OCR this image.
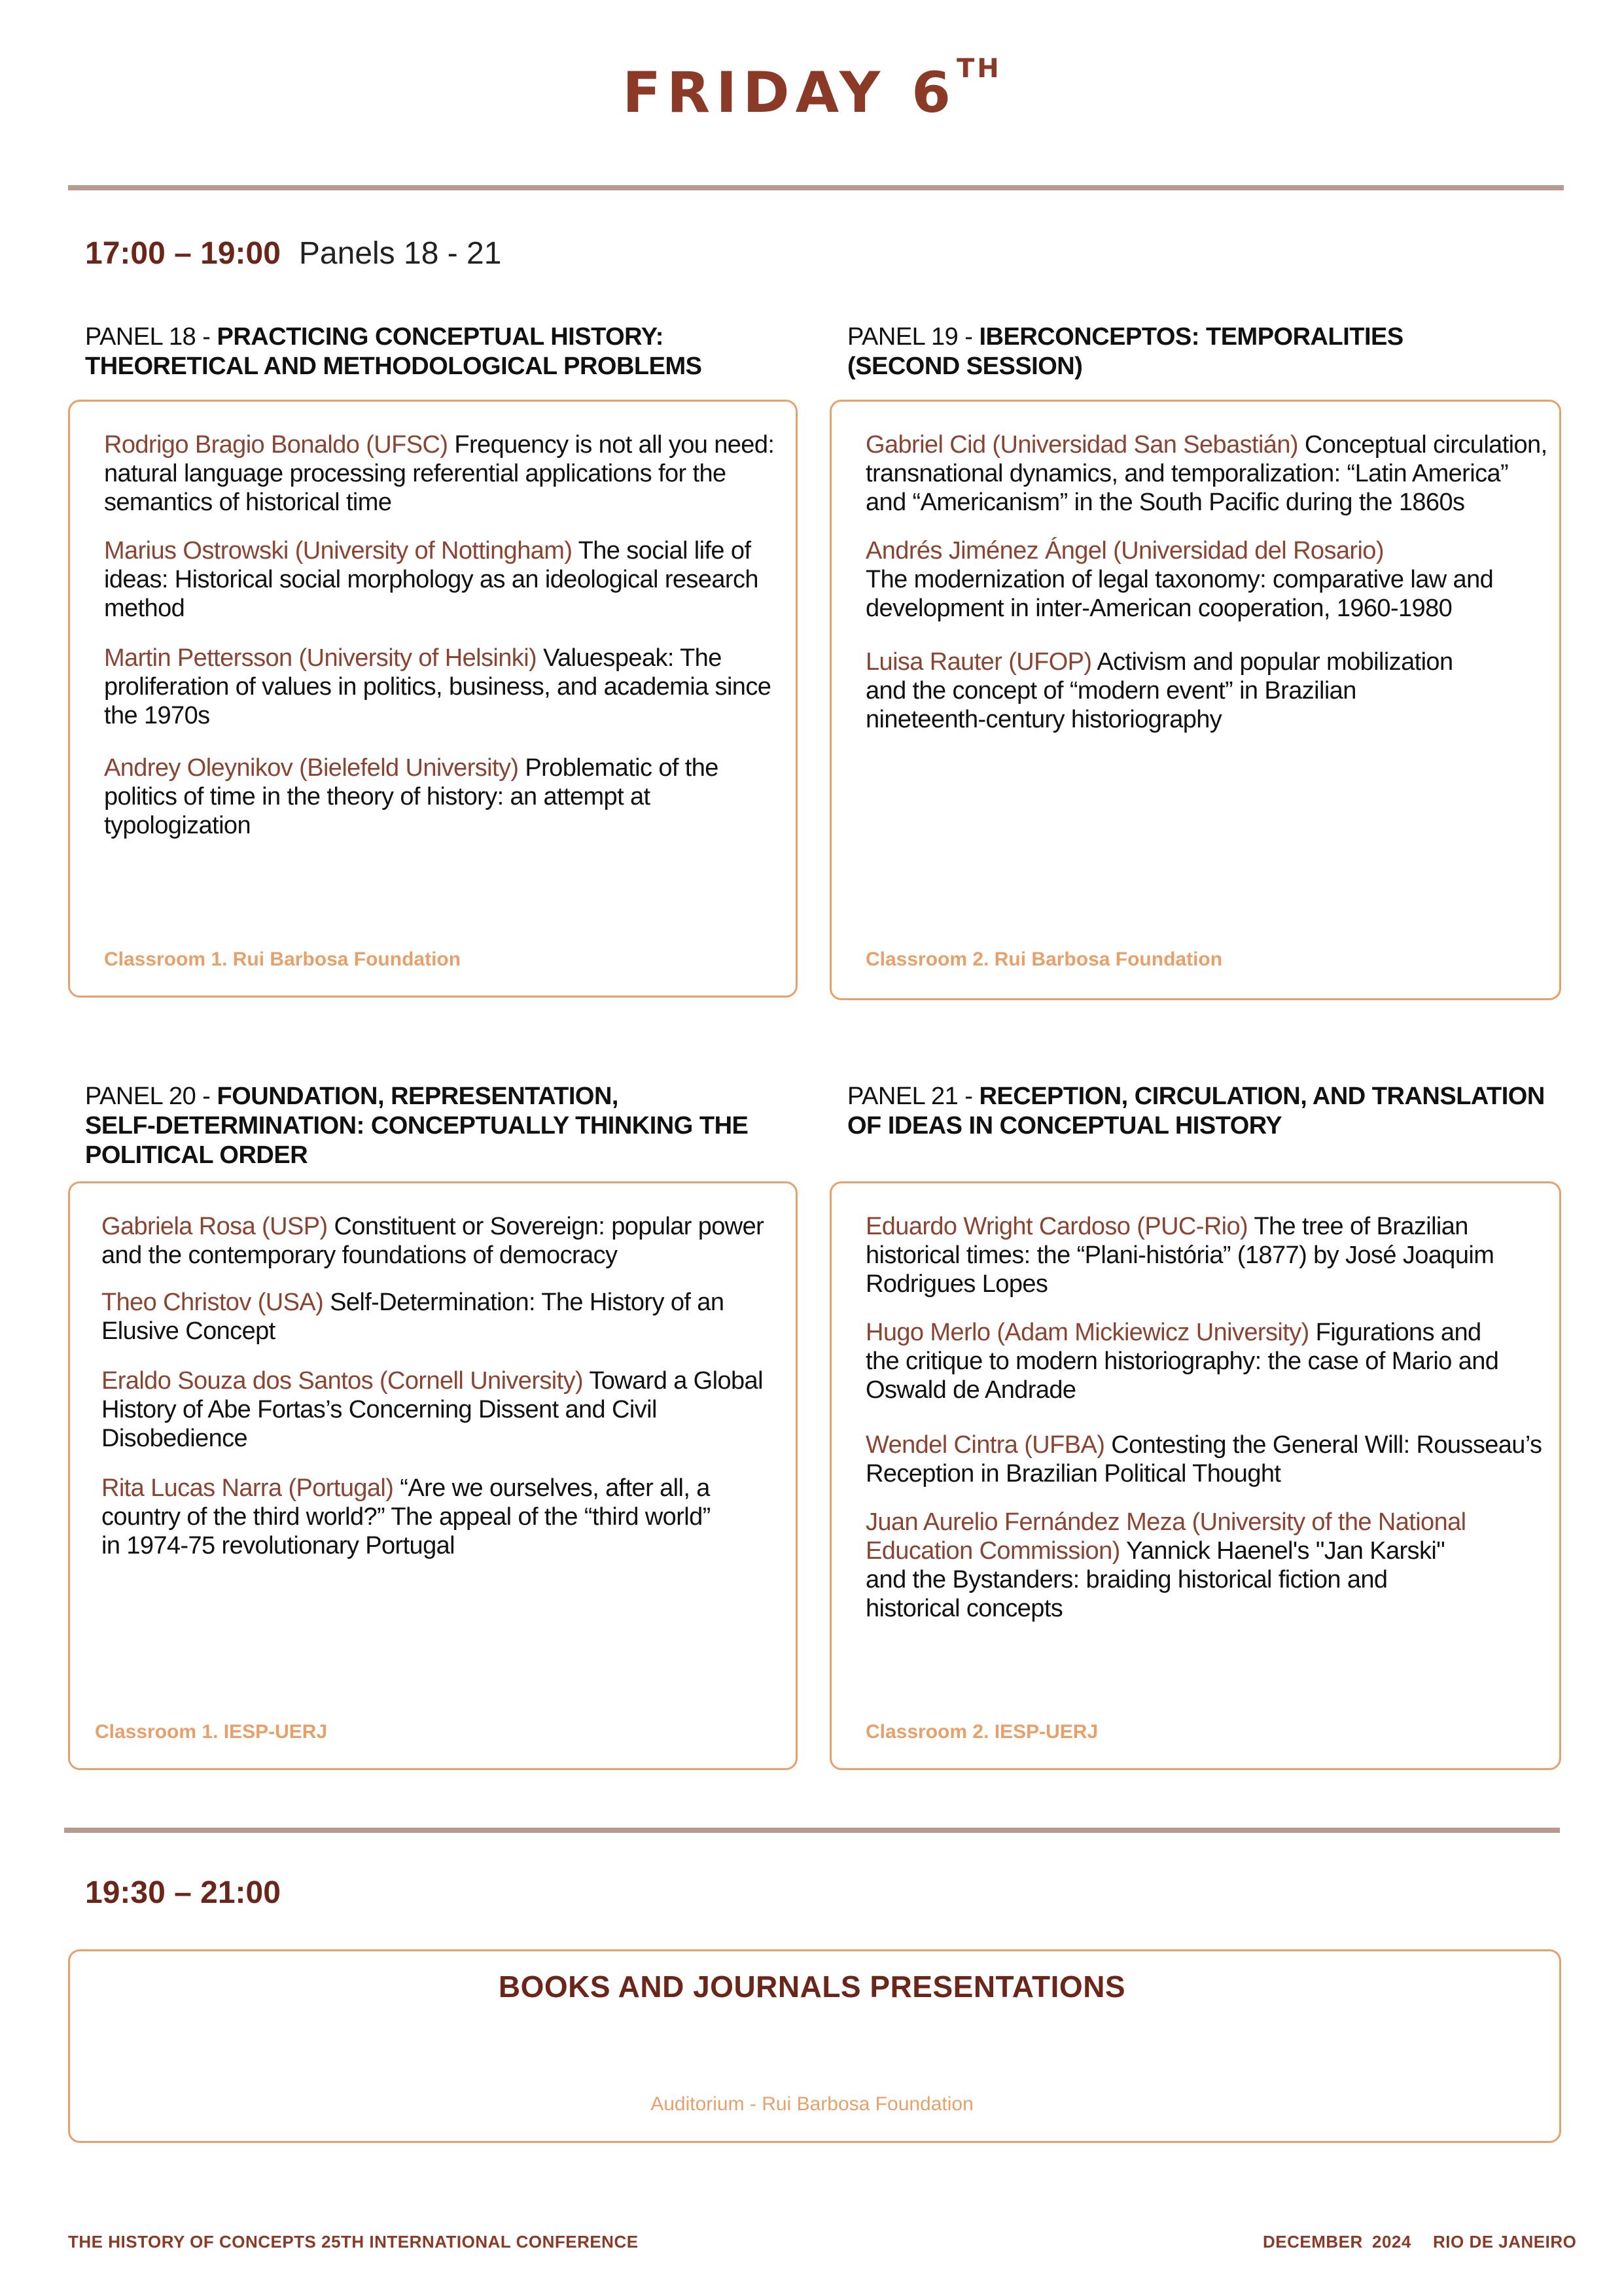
FRIDAY 6TH
17:00 – 19:00 Panels 18 - 21
PANEL 18 - PRACTICING CONCEPTUAL HISTORY:
THEORETICAL AND METHODOLOGICAL PROBLEMS
Rodrigo Bragio Bonaldo (UFSC) Frequency is not all you need:
natural language processing referential applications for the
semantics of historical time
Marius Ostrowski (University of Nottingham) The social life of
ideas: Historical social morphology as an ideological research
method
Martin Pettersson (University of Helsinki) Valuespeak: The
proliferation of values in politics, business, and academia since
the 1970s
Andrey Oleynikov (Bielefeld University) Problematic of the
politics of time in the theory of history: an attempt at
typologization
Classroom 1. Rui Barbosa Foundation
PANEL 19 - IBERCONCEPTOS: TEMPORALITIES
(SECOND SESSION)
Gabriel Cid (Universidad San Sebastián) Conceptual circulation,
transnational dynamics, and temporalization: “Latin America”
and “Americanism” in the South Pacific during the 1860s
Andrés Jiménez Ángel (Universidad del Rosario)
The modernization of legal taxonomy: comparative law and
development in inter-American cooperation, 1960-1980
Luisa Rauter (UFOP) Activism and popular mobilization
and the concept of “modern event” in Brazilian
nineteenth-century historiography
Classroom 2. Rui Barbosa Foundation
PANEL 20 - FOUNDATION, REPRESENTATION,
SELF-DETERMINATION: CONCEPTUALLY THINKING THE
POLITICAL ORDER
Gabriela Rosa (USP) Constituent or Sovereign: popular power
and the contemporary foundations of democracy
Theo Christov (USA) Self-Determination: The History of an
Elusive Concept
Eraldo Souza dos Santos (Cornell University) Toward a Global
History of Abe Fortas’s Concerning Dissent and Civil
Disobedience
Rita Lucas Narra (Portugal) “Are we ourselves, after all, a
country of the third world?” The appeal of the “third world”
in 1974-75 revolutionary Portugal
Classroom 1. IESP-UERJ
PANEL 21 - RECEPTION, CIRCULATION, AND TRANSLATION
OF IDEAS IN CONCEPTUAL HISTORY
Eduardo Wright Cardoso (PUC-Rio) The tree of Brazilian
historical times: the “Plani-história” (1877) by José Joaquim
Rodrigues Lopes
Hugo Merlo (Adam Mickiewicz University) Figurations and
the critique to modern historiography: the case of Mario and
Oswald de Andrade
Wendel Cintra (UFBA) Contesting the General Will: Rousseau’s
Reception in Brazilian Political Thought
Juan Aurelio Fernández Meza (University of the National
Education Commission) Yannick Haenel's "Jan Karski"
and the Bystanders: braiding historical fiction and
historical concepts
Classroom 2. IESP-UERJ
19:30 – 21:00
BOOKS AND JOURNALS PRESENTATIONS
Auditorium - Rui Barbosa Foundation
THE HISTORY OF CONCEPTS 25TH INTERNATIONAL CONFERENCE	DECEMBER 2024 RIO DE JANEIRO
